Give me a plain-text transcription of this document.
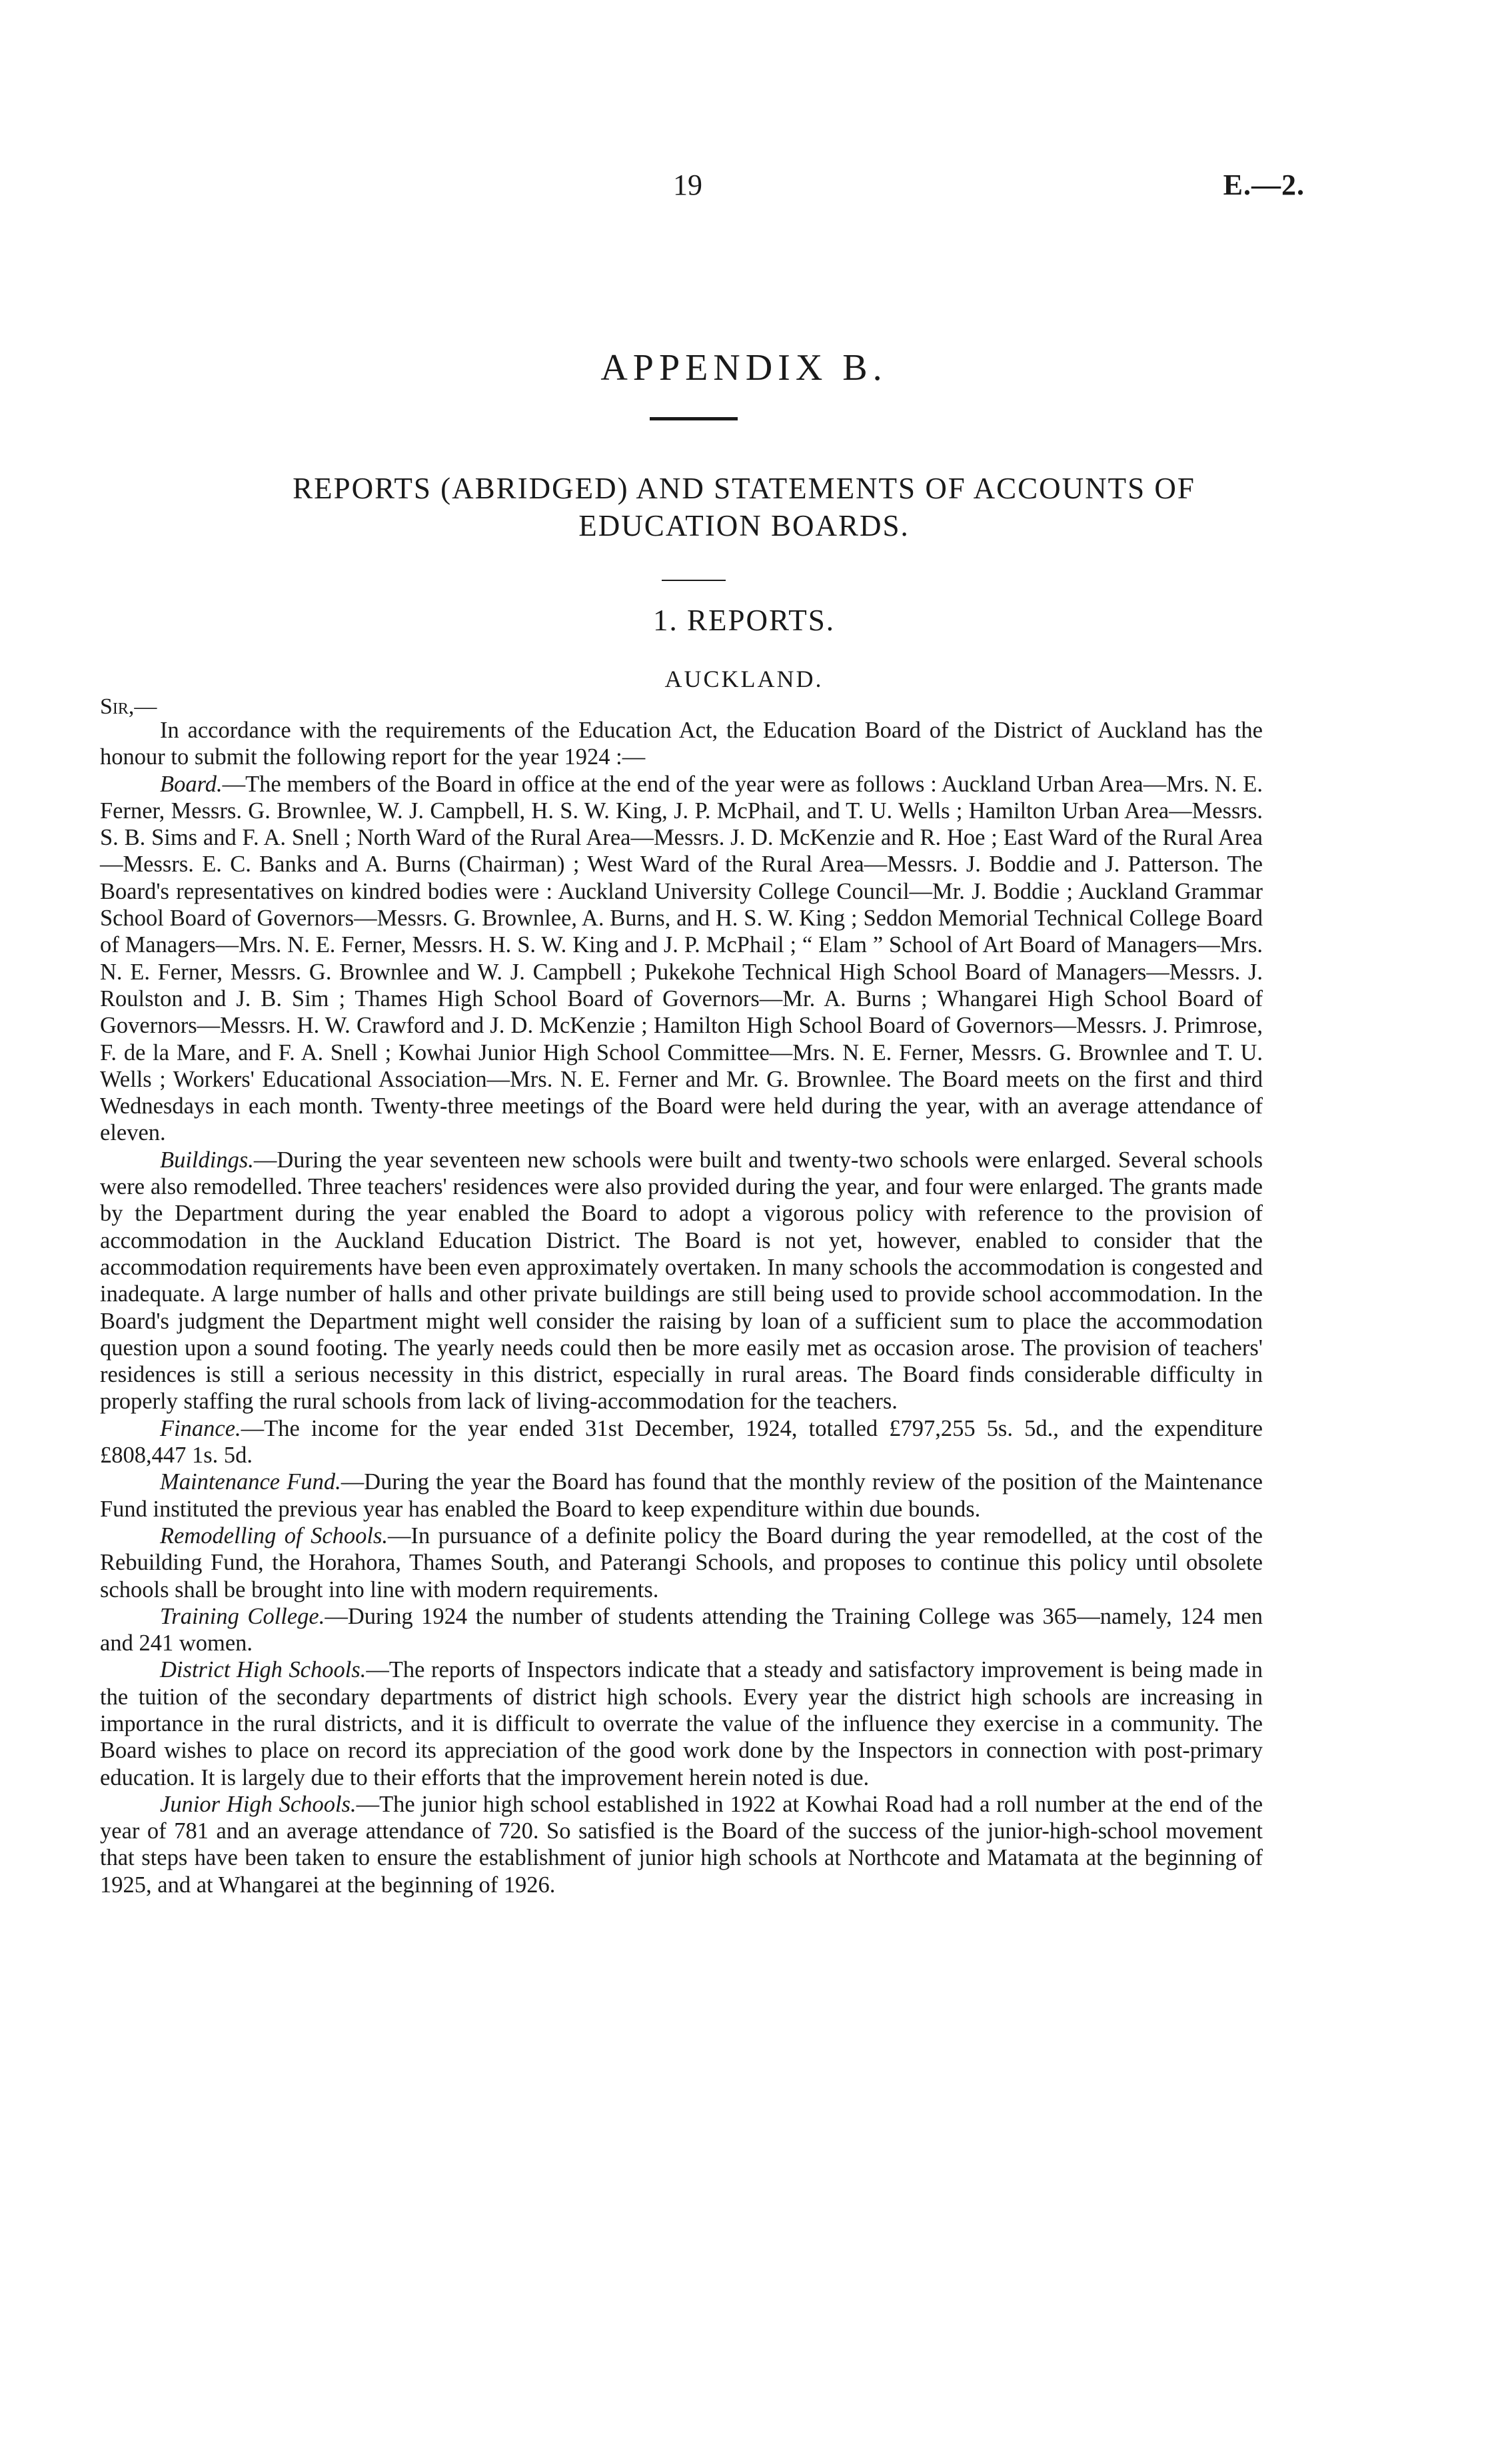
19	E.—2.
APPENDIX B.
REPORTS (ABRIDGED) AND STATEMENTS OF ACCOUNTS OF
EDUCATION BOARDS.
1. REPORTS.
AUCKLAND.
Sir,—

In accordance with the requirements of the Education Act, the Education Board of the District of Auckland has the honour to submit the following report for the year 1924 :—

Board.—The members of the Board in office at the end of the year were as follows : Auckland Urban Area—Mrs. N. E. Ferner, Messrs. G. Brownlee, W. J. Campbell, H. S. W. King, J. P. McPhail, and T. U. Wells ; Hamilton Urban Area—Messrs. S. B. Sims and F. A. Snell ; North Ward of the Rural Area—Messrs. J. D. McKenzie and R. Hoe ; East Ward of the Rural Area—Messrs. E. C. Banks and A. Burns (Chairman) ; West Ward of the Rural Area—Messrs. J. Boddie and J. Patterson. The Board's representatives on kindred bodies were : Auckland University College Council—Mr. J. Boddie ; Auckland Grammar School Board of Governors—Messrs. G. Brownlee, A. Burns, and H. S. W. King ; Seddon Memorial Technical College Board of Managers—Mrs. N. E. Ferner, Messrs. H. S. W. King and J. P. McPhail ; “ Elam ” School of Art Board of Managers—Mrs. N. E. Ferner, Messrs. G. Brownlee and W. J. Campbell ; Pukekohe Technical High School Board of Managers—Messrs. J. Roulston and J. B. Sim ; Thames High School Board of Governors—Mr. A. Burns ; Whangarei High School Board of Governors—Messrs. H. W. Crawford and J. D. McKenzie ; Hamilton High School Board of Governors—Messrs. J. Primrose, F. de la Mare, and F. A. Snell ; Kowhai Junior High School Committee—Mrs. N. E. Ferner, Messrs. G. Brownlee and T. U. Wells ; Workers' Educational Association—Mrs. N. E. Ferner and Mr. G. Brownlee. The Board meets on the first and third Wednesdays in each month. Twenty-three meetings of the Board were held during the year, with an average attendance of eleven.

Buildings.—During the year seventeen new schools were built and twenty-two schools were enlarged. Several schools were also remodelled. Three teachers' residences were also provided during the year, and four were enlarged. The grants made by the Department during the year enabled the Board to adopt a vigorous policy with reference to the provision of accommodation in the Auckland Education District. The Board is not yet, however, enabled to consider that the accommodation requirements have been even approximately overtaken. In many schools the accommodation is congested and inadequate. A large number of halls and other private buildings are still being used to provide school accommodation. In the Board's judgment the Department might well consider the raising by loan of a sufficient sum to place the accommodation question upon a sound footing. The yearly needs could then be more easily met as occasion arose. The provision of teachers' residences is still a serious necessity in this district, especially in rural areas. The Board finds considerable difficulty in properly staffing the rural schools from lack of living-accommodation for the teachers.

Finance.—The income for the year ended 31st December, 1924, totalled £797,255 5s. 5d., and the expenditure £808,447 1s. 5d.

Maintenance Fund.—During the year the Board has found that the monthly review of the position of the Maintenance Fund instituted the previous year has enabled the Board to keep expenditure within due bounds.

Remodelling of Schools.—In pursuance of a definite policy the Board during the year remodelled, at the cost of the Rebuilding Fund, the Horahora, Thames South, and Paterangi Schools, and proposes to continue this policy until obsolete schools shall be brought into line with modern requirements.

Training College.—During 1924 the number of students attending the Training College was 365—namely, 124 men and 241 women.

District High Schools.—The reports of Inspectors indicate that a steady and satisfactory improvement is being made in the tuition of the secondary departments of district high schools. Every year the district high schools are increasing in importance in the rural districts, and it is difficult to overrate the value of the influence they exercise in a community. The Board wishes to place on record its appreciation of the good work done by the Inspectors in connection with post-primary education. It is largely due to their efforts that the improvement herein noted is due.

Junior High Schools.—The junior high school established in 1922 at Kowhai Road had a roll number at the end of the year of 781 and an average attendance of 720. So satisfied is the Board of the success of the junior-high-school movement that steps have been taken to ensure the establishment of junior high schools at Northcote and Matamata at the beginning of 1925, and at Whangarei at the beginning of 1926.
